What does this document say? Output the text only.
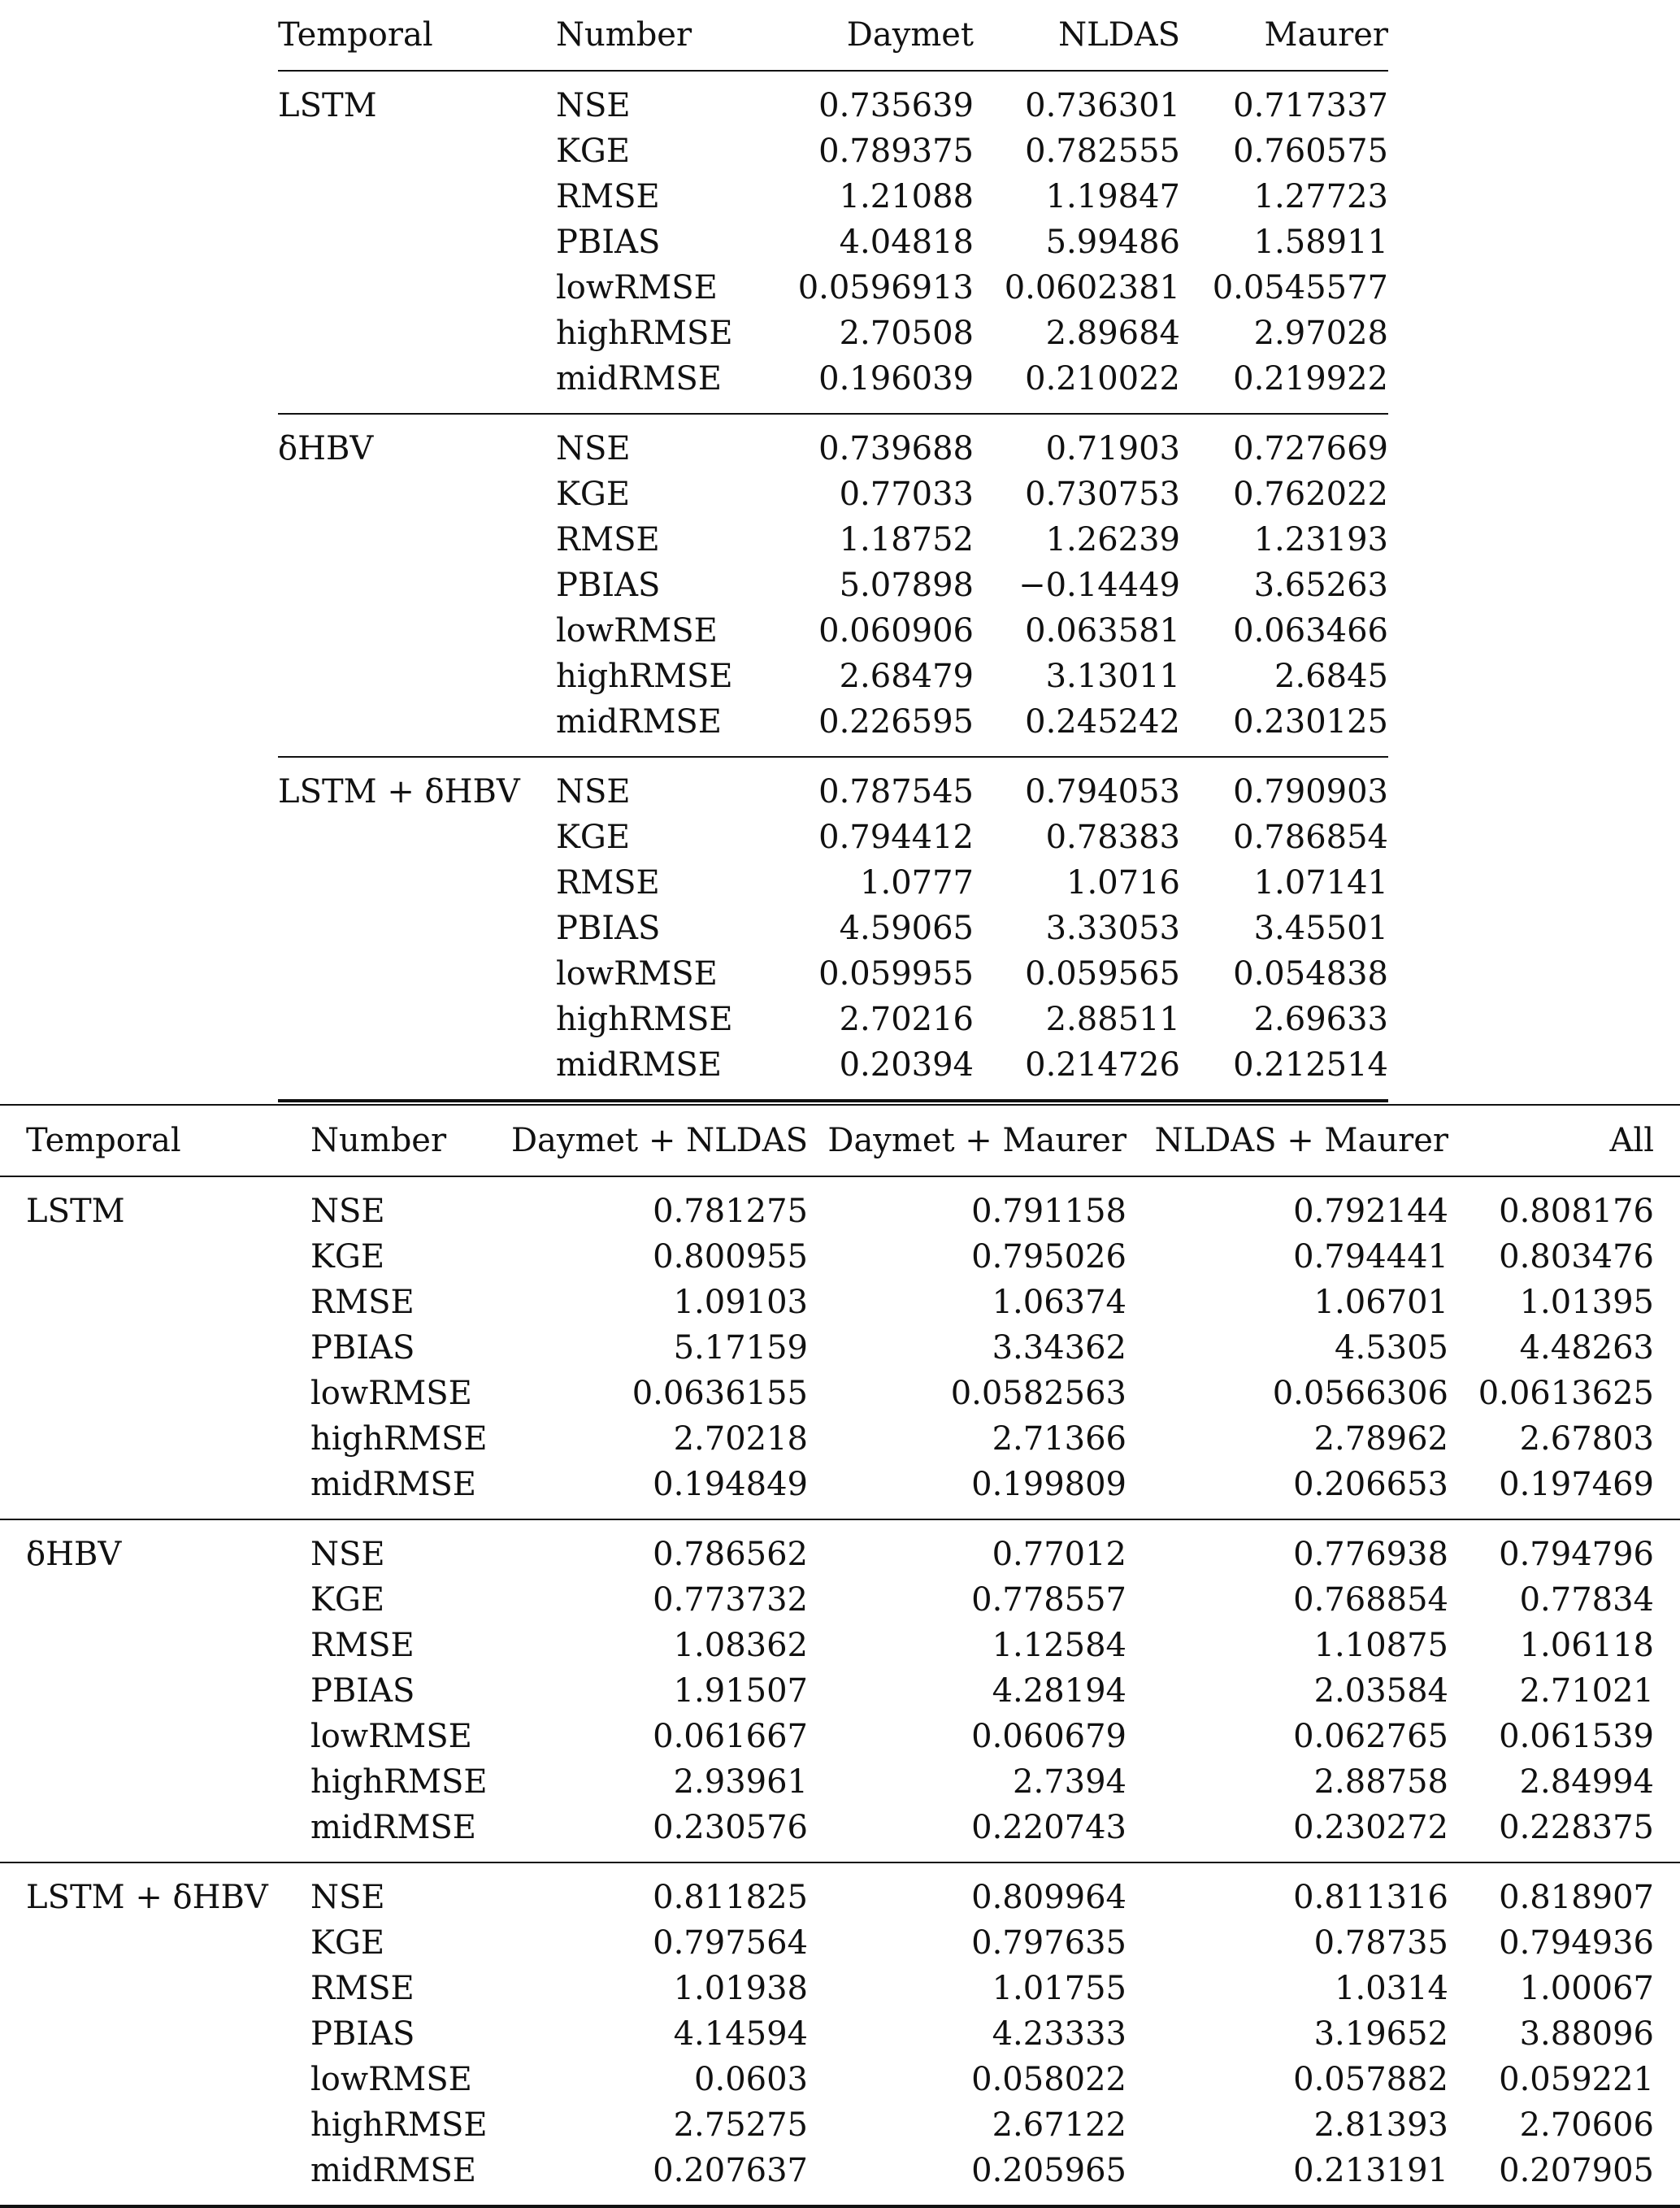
Temporal	Number	Daymet	NLDAS	Maurer
LSTM	NSE	0.735639	0.736301	0.717337
	KGE	0.789375	0.782555	0.760575
	RMSE	1.21088	1.19847	1.27723
	PBIAS	4.04818	5.99486	1.58911
	lowRMSE	0.0596913	0.0602381	0.0545577
	highRMSE	2.70508	2.89684	2.97028
	midRMSE	0.196039	0.210022	0.219922
δHBV	NSE	0.739688	0.71903	0.727669
	KGE	0.77033	0.730753	0.762022
	RMSE	1.18752	1.26239	1.23193
	PBIAS	5.07898	−0.14449	3.65263
	lowRMSE	0.060906	0.063581	0.063466
	highRMSE	2.68479	3.13011	2.6845
	midRMSE	0.226595	0.245242	0.230125
LSTM + δHBV	NSE	0.787545	0.794053	0.790903
	KGE	0.794412	0.78383	0.786854
	RMSE	1.0777	1.0716	1.07141
	PBIAS	4.59065	3.33053	3.45501
	lowRMSE	0.059955	0.059565	0.054838
	highRMSE	2.70216	2.88511	2.69633
	midRMSE	0.20394	0.214726	0.212514
Temporal	Number	Daymet + NLDAS	Daymet + Maurer	NLDAS + Maurer	All	
LSTM	NSE	0.781275	0.791158	0.792144	0.808176	
	KGE	0.800955	0.795026	0.794441	0.803476	
	RMSE	1.09103	1.06374	1.06701	1.01395	
	PBIAS	5.17159	3.34362	4.5305	4.48263	
	lowRMSE	0.0636155	0.0582563	0.0566306	0.0613625	
	highRMSE	2.70218	2.71366	2.78962	2.67803	
	midRMSE	0.194849	0.199809	0.206653	0.197469	
δHBV	NSE	0.786562	0.77012	0.776938	0.794796	
	KGE	0.773732	0.778557	0.768854	0.77834	
	RMSE	1.08362	1.12584	1.10875	1.06118	
	PBIAS	1.91507	4.28194	2.03584	2.71021	
	lowRMSE	0.061667	0.060679	0.062765	0.061539	
	highRMSE	2.93961	2.7394	2.88758	2.84994	
	midRMSE	0.230576	0.220743	0.230272	0.228375	
LSTM + δHBV	NSE	0.811825	0.809964	0.811316	0.818907	
	KGE	0.797564	0.797635	0.78735	0.794936	
	RMSE	1.01938	1.01755	1.0314	1.00067	
	PBIAS	4.14594	4.23333	3.19652	3.88096	
	lowRMSE	0.0603	0.058022	0.057882	0.059221	
	highRMSE	2.75275	2.67122	2.81393	2.70606	
	midRMSE	0.207637	0.205965	0.213191	0.207905	
